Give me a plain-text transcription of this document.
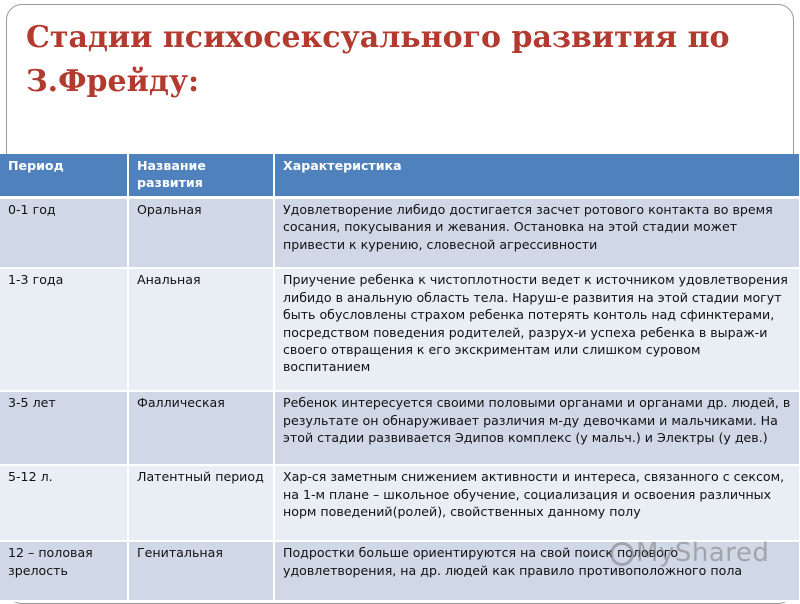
Стадии психосексуального развития по З.Фрейду:
Период	Название развития	Характеристика
0-1 год	Оральная	Удовлетворение либидо достигается засчет ротового контакта во время сосания, покусывания и жевания. Остановка на этой стадии может привести к курению, словесной агрессивности
1-3 года	Анальная	Приучение ребенка к чистоплотности ведет к источником удовлетворения либидо в анальную область тела. Наруш-е развития на этой стадии могут быть обусловлены страхом ребенка потерять контоль над сфинктерами, посредством поведения родителей, разрух-и успеха ребенка в выраж-и своего отвращения к его экскриментам или слишком суровом воспитанием
3-5 лет	Фаллическая	Ребенок интересуется своими половыми органами и органами др. людей, в результате он обнаруживает различия м-ду девочками и мальчиками. На этой стадии развивается Эдипов комплекс (у мальч.) и Электры (у дев.)
5-12 л.	Латентный период	Хар-ся заметным снижением активности и интереса, связанного с сексом, на 1-м плане – школьное обучение, социализация и освоения различных норм поведений(ролей), свойственных данному полу
12 – половая зрелость	Генитальная	Подростки больше ориентируются на свой поиск полового удовлетворения, на др. людей как правило противоположного пола
MyShared
